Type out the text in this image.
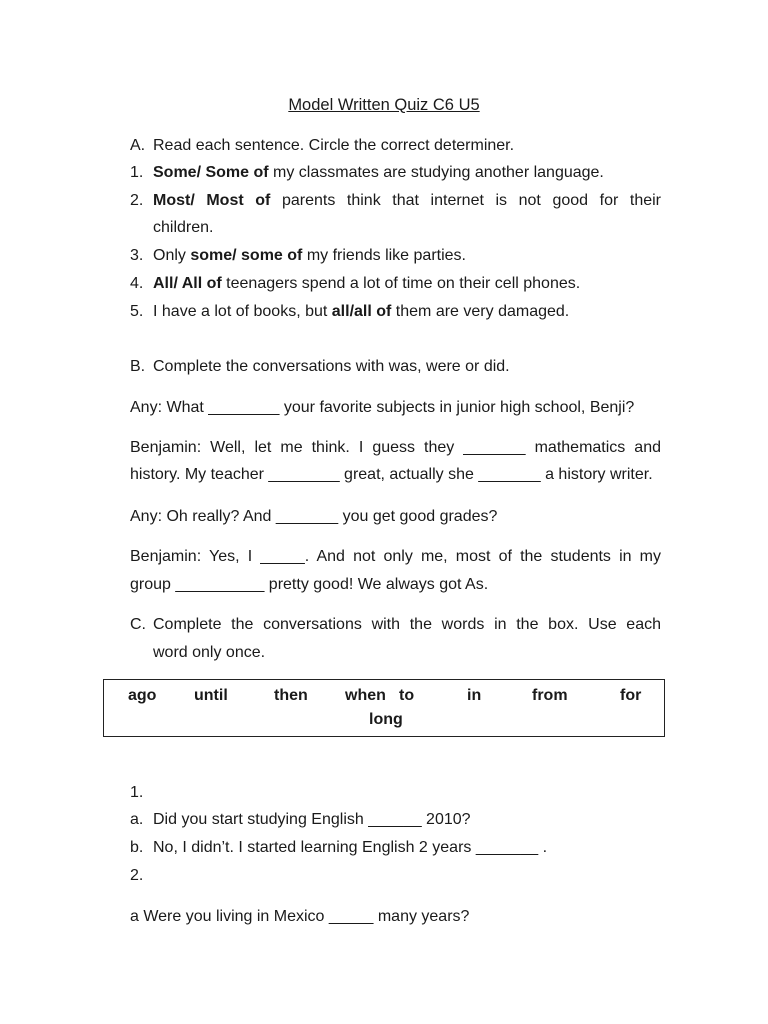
Model Written Quiz C6 U5
A. Read each sentence. Circle the correct determiner.
1. Some/ Some of my classmates are studying another language.
2. Most/ Most of parents think that internet is not good for their
children.
3. Only some/ some of my friends like parties.
4. All/ All of teenagers spend a lot of time on their cell phones.
5. I have a lot of books, but all/all of them are very damaged.
B. Complete the conversations with was, were or did.
Any: What ________ your favorite subjects in junior high school, Benji?
Benjamin: Well, let me think. I guess they _______ mathematics and
history. My teacher ________ great, actually she _______ a history writer.
Any: Oh really? And _______ you get good grades?
Benjamin: Yes, I _____. And not only me, most of the students in my
group __________ pretty good! We always got As.
C. Complete the conversations with the words in the box. Use each
word only once.
ago until	then when to	in	from	for
long
1.
a. Did you start studying English ______ 2010?
b. No, I didn’t. I started learning English 2 years _______ .
2.
a Were you living in Mexico _____ many years?
